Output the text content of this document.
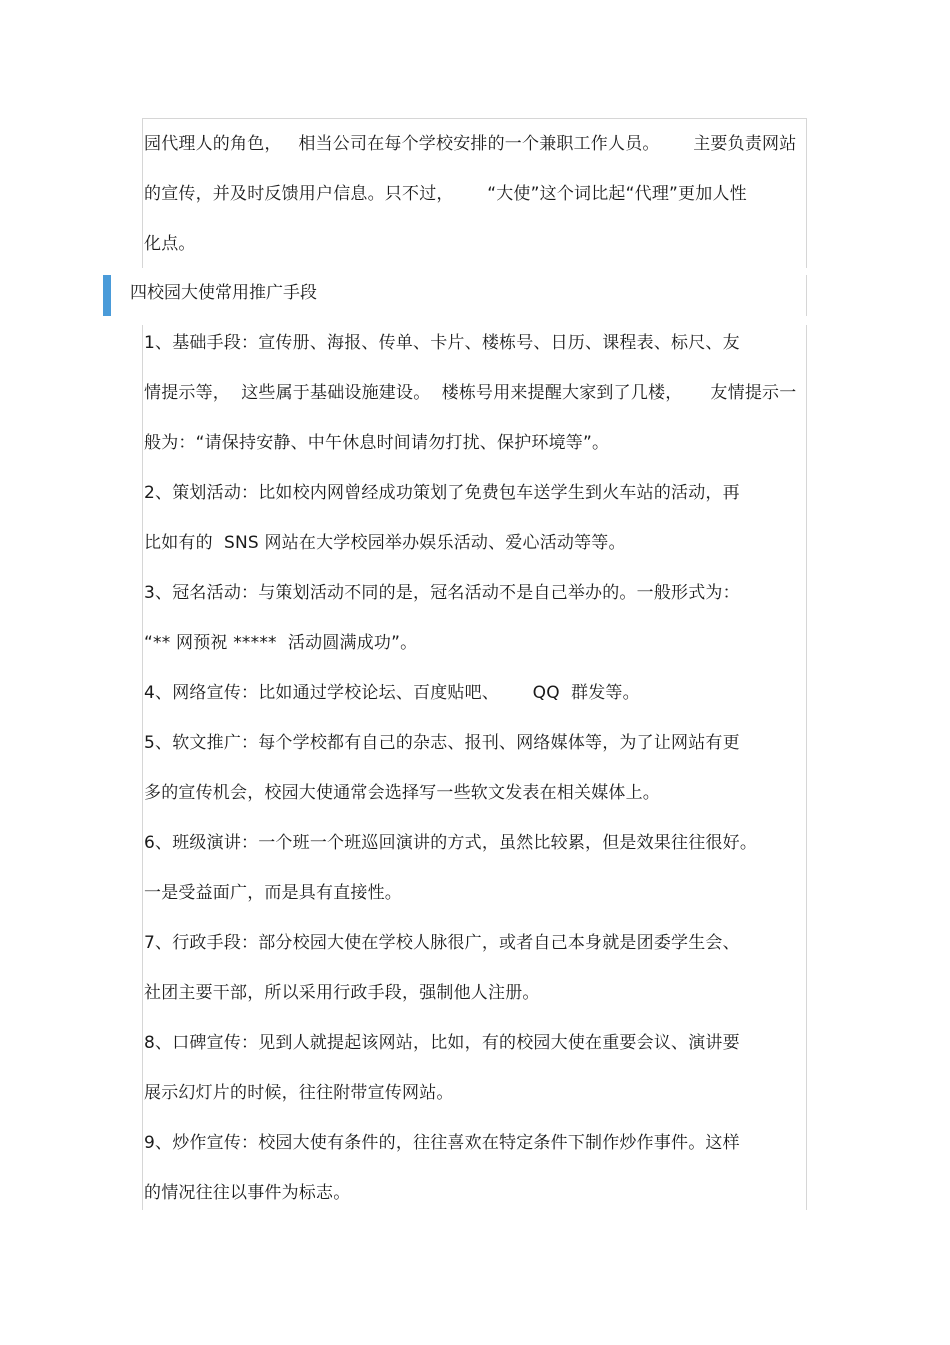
园代理人的角色，   相当公司在每个学校安排的一个兼职工作人员。      主要负责网站
的宣传，并及时反馈用户信息。只不过，      “大使”这个词比起“代理”更加人性
化点。
四校园大使常用推广手段
1、基础手段：宣传册、海报、传单、卡片、楼栋号、日历、课程表、标尺、友
情提示等，  这些属于基础设施建设。  楼栋号用来提醒大家到了几楼，     友情提示一
般为：“请保持安静、中午休息时间请勿打扰、保护环境等”。
2、策划活动：比如校内网曾经成功策划了免费包车送学生到火车站的活动，再
比如有的  SNS 网站在大学校园举办娱乐活动、爱心活动等等。
3、冠名活动：与策划活动不同的是，冠名活动不是自己举办的。一般形式为：
“** 网预祝 *****  活动圆满成功”。
4、网络宣传：比如通过学校论坛、百度贴吧、      QQ  群发等。
5、软文推广：每个学校都有自己的杂志、报刊、网络媒体等，为了让网站有更
多的宣传机会，校园大使通常会选择写一些软文发表在相关媒体上。
6、班级演讲：一个班一个班巡回演讲的方式，虽然比较累，但是效果往往很好。
一是受益面广，而是具有直接性。
7、行政手段：部分校园大使在学校人脉很广，或者自己本身就是团委学生会、
社团主要干部，所以采用行政手段，强制他人注册。
8、口碑宣传：见到人就提起该网站，比如，有的校园大使在重要会议、演讲要
展示幻灯片的时候，往往附带宣传网站。
9、炒作宣传：校园大使有条件的，往往喜欢在特定条件下制作炒作事件。这样
的情况往往以事件为标志。
